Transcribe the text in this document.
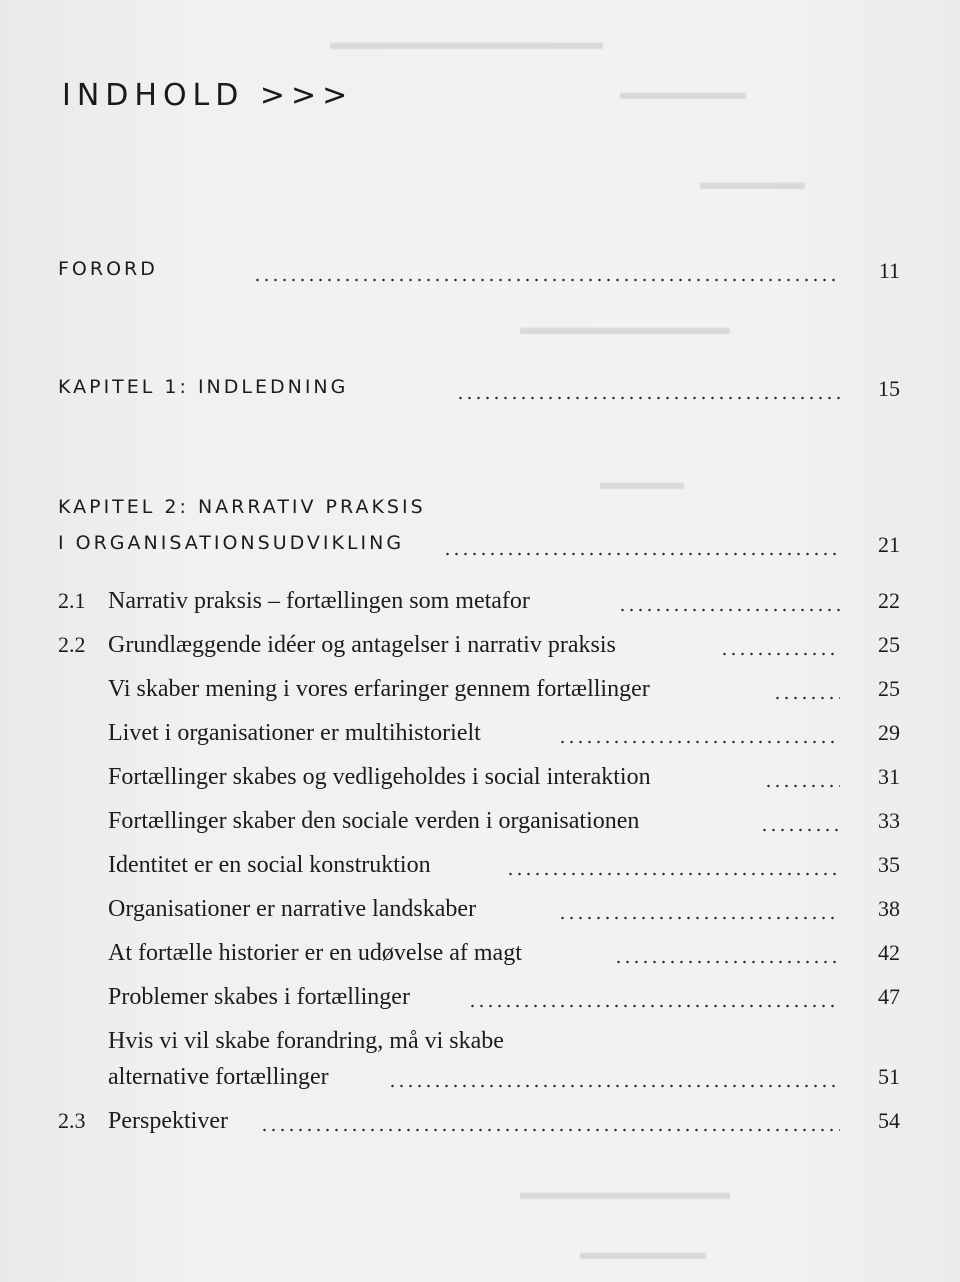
▬▬▬▬▬▬▬▬▬▬▬▬▬
▬▬▬▬▬▬
▬▬▬▬▬
▬▬▬▬▬▬▬▬▬▬
▬▬▬▬
▬▬▬▬▬▬▬▬▬▬
▬▬▬▬▬▬
INDHOLD >>>
FORORD	11
KAPITEL 1: INDLEDNING	15
KAPITEL 2: NARRATIV PRAKSIS
I ORGANISATIONSUDVIKLING	21
2.1 Narrativ praksis – fortællingen som metafor	22
2.2 Grundlæggende idéer og antagelser i narrativ praksis	25
Vi skaber mening i vores erfaringer gennem fortællinger	25
Livet i organisationer er multihistorielt	29
Fortællinger skabes og vedligeholdes i social interaktion	31
Fortællinger skaber den sociale verden i organisationen	33
Identitet er en social konstruktion	35
Organisationer er narrative landskaber	38
At fortælle historier er en udøvelse af magt	42
Problemer skabes i fortællinger	47
Hvis vi vil skabe forandring, må vi skabe
alternative fortællinger	51
2.3 Perspektiver	54
